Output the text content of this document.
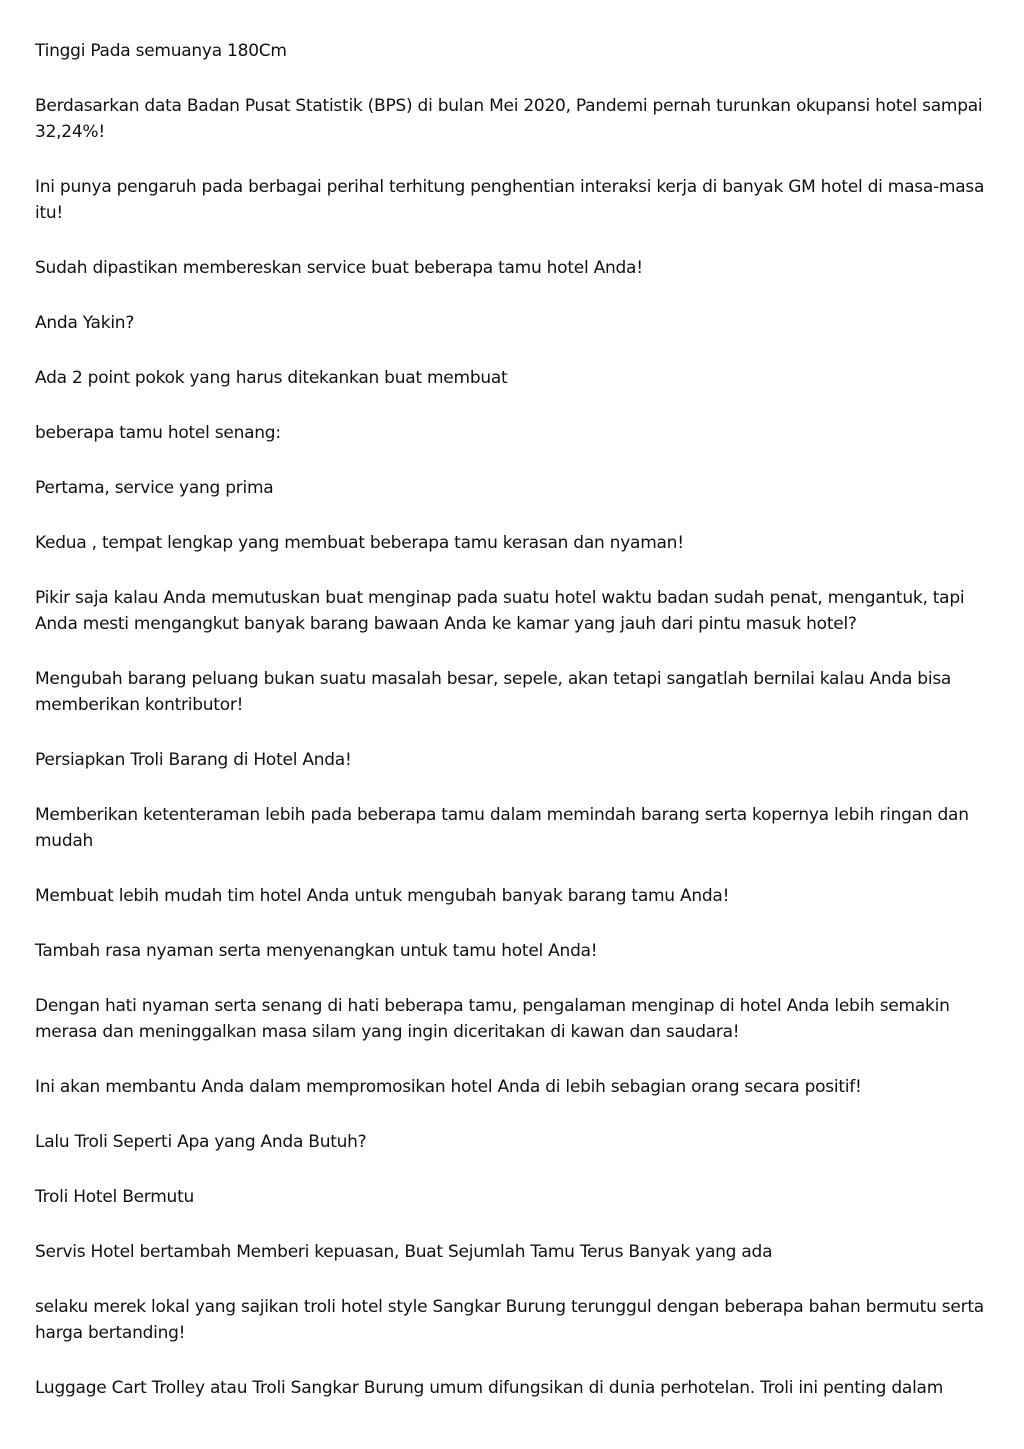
Tinggi Pada semuanya 180Cm

Berdasarkan data Badan Pusat Statistik (BPS) di bulan Mei 2020, Pandemi pernah turunkan okupansi hotel sampai 32,24%!

Ini punya pengaruh pada berbagai perihal terhitung penghentian interaksi kerja di banyak GM hotel di masa-masa itu!

Sudah dipastikan membereskan service buat beberapa tamu hotel Anda!

Anda Yakin?

Ada 2 point pokok yang harus ditekankan buat membuat

beberapa tamu hotel senang:

Pertama, service yang prima

Kedua , tempat lengkap yang membuat beberapa tamu kerasan dan nyaman!

Pikir saja kalau Anda memutuskan buat menginap pada suatu hotel waktu badan sudah penat, mengantuk, tapi Anda mesti mengangkut banyak barang bawaan Anda ke kamar yang jauh dari pintu masuk hotel?

Mengubah barang peluang bukan suatu masalah besar, sepele, akan tetapi sangatlah bernilai kalau Anda bisa memberikan kontributor!

Persiapkan Troli Barang di Hotel Anda!

Memberikan ketenteraman lebih pada beberapa tamu dalam memindah barang serta kopernya lebih ringan dan mudah

Membuat lebih mudah tim hotel Anda untuk mengubah banyak barang tamu Anda!

Tambah rasa nyaman serta menyenangkan untuk tamu hotel Anda!

Dengan hati nyaman serta senang di hati beberapa tamu, pengalaman menginap di hotel Anda lebih semakin merasa dan meninggalkan masa silam yang ingin diceritakan di kawan dan saudara!

Ini akan membantu Anda dalam mempromosikan hotel Anda di lebih sebagian orang secara positif!

Lalu Troli Seperti Apa yang Anda Butuh?

Troli Hotel Bermutu

Servis Hotel bertambah Memberi kepuasan, Buat Sejumlah Tamu Terus Banyak yang ada

selaku merek lokal yang sajikan troli hotel style Sangkar Burung terunggul dengan beberapa bahan bermutu serta harga bertanding!

Luggage Cart Trolley atau Troli Sangkar Burung umum difungsikan di dunia perhotelan. Troli ini penting dalam
